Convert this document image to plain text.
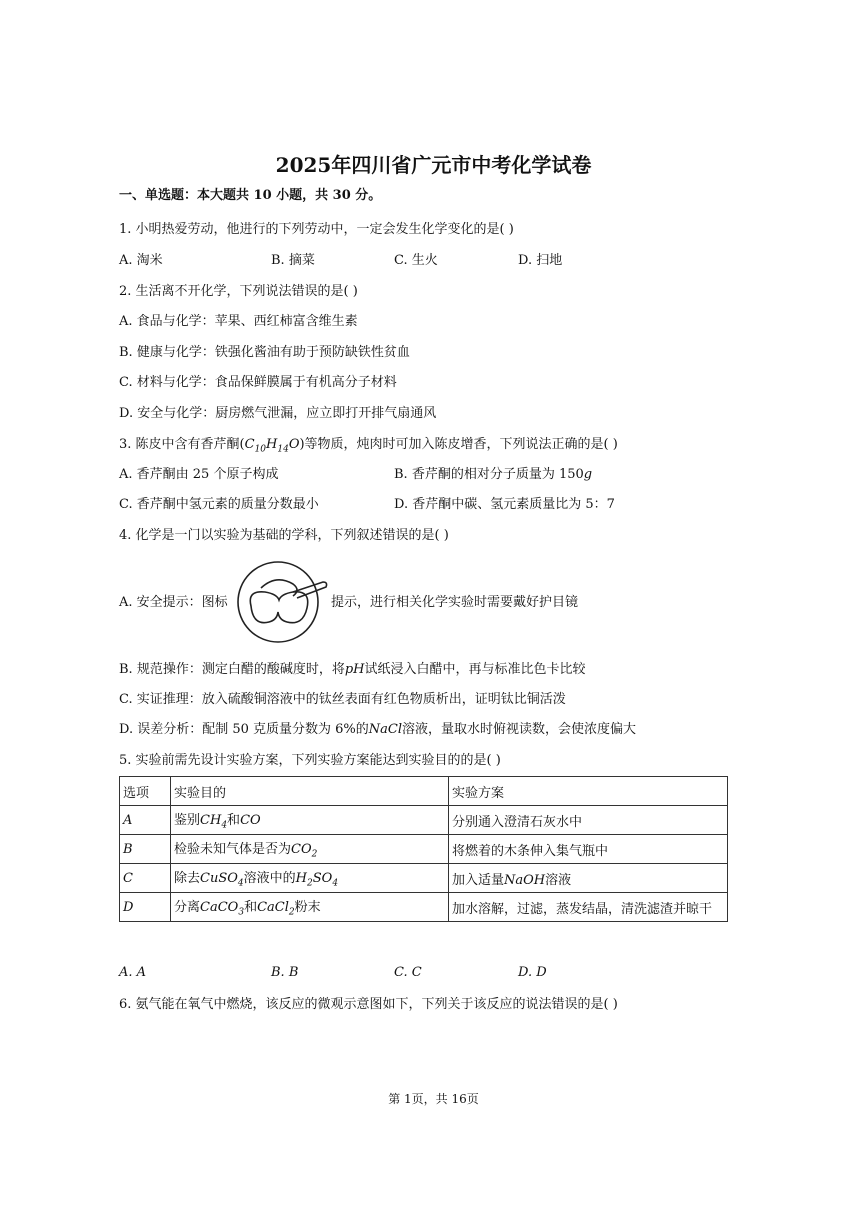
2025年四川省广元市中考化学试卷
一、单选题：本大题共 10 小题，共 30 分。
1. 小明热爱劳动，他进行的下列劳动中，一定会发生化学变化的是( )
A. 淘米	B. 摘菜	C. 生火	D. 扫地
2. 生活离不开化学，下列说法错误的是( )
A. 食品与化学：苹果、西红柿富含维生素
B. 健康与化学：铁强化酱油有助于预防缺铁性贫血
C. 材料与化学：食品保鲜膜属于有机高分子材料
D. 安全与化学：厨房燃气泄漏，应立即打开排气扇通风
3. 陈皮中含有香芹酮$(C_{10}H_{14}O)$等物质，炖肉时可加入陈皮增香，下列说法正确的是( )
A. 香芹酮由 25 个原子构成	B. 香芹酮的相对分子质量为 150g
C. 香芹酮中氢元素的质量分数最小	D. 香芹酮中碳、氢元素质量比为 5：7
4. 化学是一门以实验为基础的学科，下列叙述错误的是( )
A. 安全提示：图标	提示，进行相关化学实验时需要戴好护目镜
B. 规范操作：测定白醋的酸碱度时，将pH试纸浸入白醋中，再与标准比色卡比较
C. 实证推理：放入硫酸铜溶液中的钛丝表面有红色物质析出，证明钛比铜活泼
D. 误差分析：配制 50 克质量分数为 6%的NaCl溶液，量取水时俯视读数，会使浓度偏大
5. 实验前需先设计实验方案，下列实验方案能达到实验目的的是( )
选项	实验目的	实验方案
A	鉴别$CH_4$和CO	分别通入澄清石灰水中
B	检验未知气体是否为$CO_2$	将燃着的木条伸入集气瓶中
C	除去CuSO$_4$溶液中的$H_2SO_4$	加入适量NaOH溶液
D	分离CaCO$_3$和CaCl$_2$粉末	加水溶解，过滤，蒸发结晶，清洗滤渣并晾干
A. A	B. B	C. C	D. D
6. 氨气能在氧气中燃烧，该反应的微观示意图如下，下列关于该反应的说法错误的是( )
第 1页，共 16页
